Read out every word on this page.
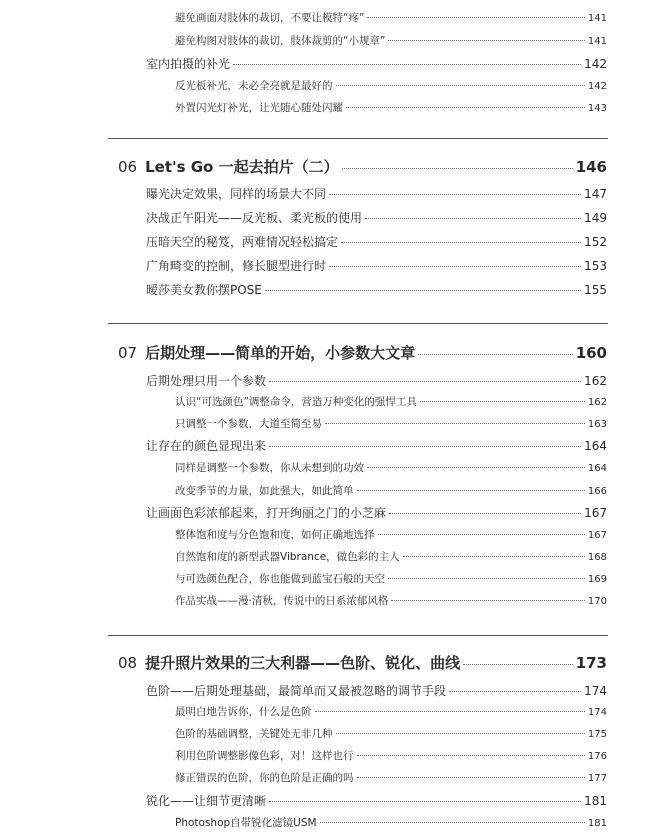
避免画面对肢体的裁切，不要让模特“疼”	141
避免构图对肢体的裁切，肢体裁剪的“小规章”	141
室内拍摄的补光	142
反光板补光，未必全亮就是最好的	142
外置闪光灯补光，让光随心随处闪耀	143
06 Let's Go 一起去拍片（二）	146
曝光决定效果，同样的场景大不同	147
决战正午阳光——反光板、柔光板的使用	149
压暗天空的秘笈，两难情况轻松搞定	152
广角畸变的控制，修长腿型进行时	153
暧莎美女教你摆POSE	155
07 后期处理——简单的开始，小参数大文章	160
后期处理只用一个参数	162
认识“可选颜色”调整命令，营造万种变化的强悍工具	162
只调整一个参数，大道至简至易	163
让存在的颜色显现出来	164
同样是调整一个参数，你从未想到的功效	164
改变季节的力量，如此强大，如此简单	166
让画面色彩浓郁起来，打开绚丽之门的小芝麻	167
整体饱和度与分色饱和度，如何正确地选择	167
自然饱和度的新型武器Vibrance，做色彩的主人	168
与可选颜色配合，你也能做到蓝宝石般的天空	169
作品实战——漫·清秋，传说中的日系浓郁风格	170
08 提升照片效果的三大利器——色阶、锐化、曲线	173
色阶——后期处理基础，最简单而又最被忽略的调节手段	174
最明白地告诉你，什么是色阶	174
色阶的基础调整，关键处无非几种	175
利用色阶调整影像色彩，对！这样也行	176
修正错误的色阶，你的色阶是正确的吗	177
锐化——让细节更清晰	181
Photoshop自带锐化滤镜USM	181
